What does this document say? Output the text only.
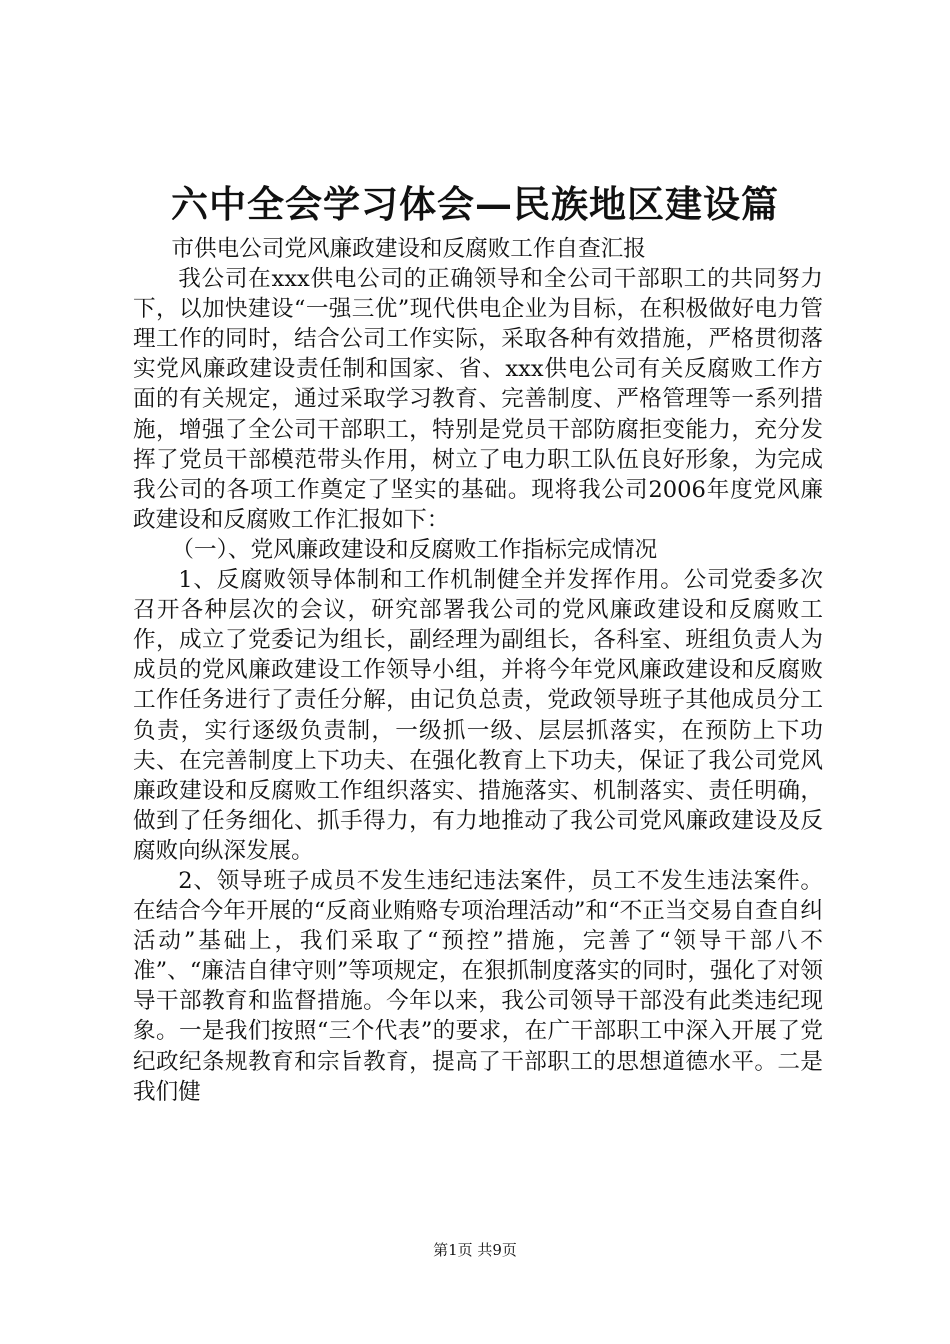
六中全会学习体会—民族地区建设篇

市供电公司党风廉政建设和反腐败工作自查汇报

我公司在xxx供电公司的正确领导和全公司干部职工的共同努力下，以加快建设“一强三优”现代供电企业为目标，在积极做好电力管理工作的同时，结合公司工作实际，采取各种有效措施，严格贯彻落实党风廉政建设责任制和国家、省、xxx供电公司有关反腐败工作方面的有关规定，通过采取学习教育、完善制度、严格管理等一系列措施，增强了全公司干部职工，特别是党员干部防腐拒变能力，充分发挥了党员干部模范带头作用，树立了电力职工队伍良好形象，为完成我公司的各项工作奠定了坚实的基础。现将我公司2006年度党风廉政建设和反腐败工作汇报如下：

（一）、党风廉政建设和反腐败工作指标完成情况

1、反腐败领导体制和工作机制健全并发挥作用。公司党委多次召开各种层次的会议，研究部署我公司的党风廉政建设和反腐败工作，成立了党委记为组长，副经理为副组长，各科室、班组负责人为成员的党风廉政建设工作领导小组，并将今年党风廉政建设和反腐败工作任务进行了责任分解，由记负总责，党政领导班子其他成员分工负责，实行逐级负责制，一级抓一级、层层抓落实，在预防上下功夫、在完善制度上下功夫、在强化教育上下功夫，保证了我公司党风廉政建设和反腐败工作组织落实、措施落实、机制落实、责任明确，做到了任务细化、抓手得力，有力地推动了我公司党风廉政建设及反腐败向纵深发展。

2、领导班子成员不发生违纪违法案件，员工不发生违法案件。在结合今年开展的“反商业贿赂专项治理活动”和“不正当交易自查自纠活动”基础上，我们采取了“预控”措施，完善了“领导干部八不准”、“廉洁自律守则”等项规定，在狠抓制度落实的同时，强化了对领导干部教育和监督措施。今年以来，我公司领导干部没有此类违纪现象。一是我们按照“三个代表”的要求，在广干部职工中深入开展了党纪政纪条规教育和宗旨教育，提高了干部职工的思想道德水平。二是我们健

第1页 共9页
